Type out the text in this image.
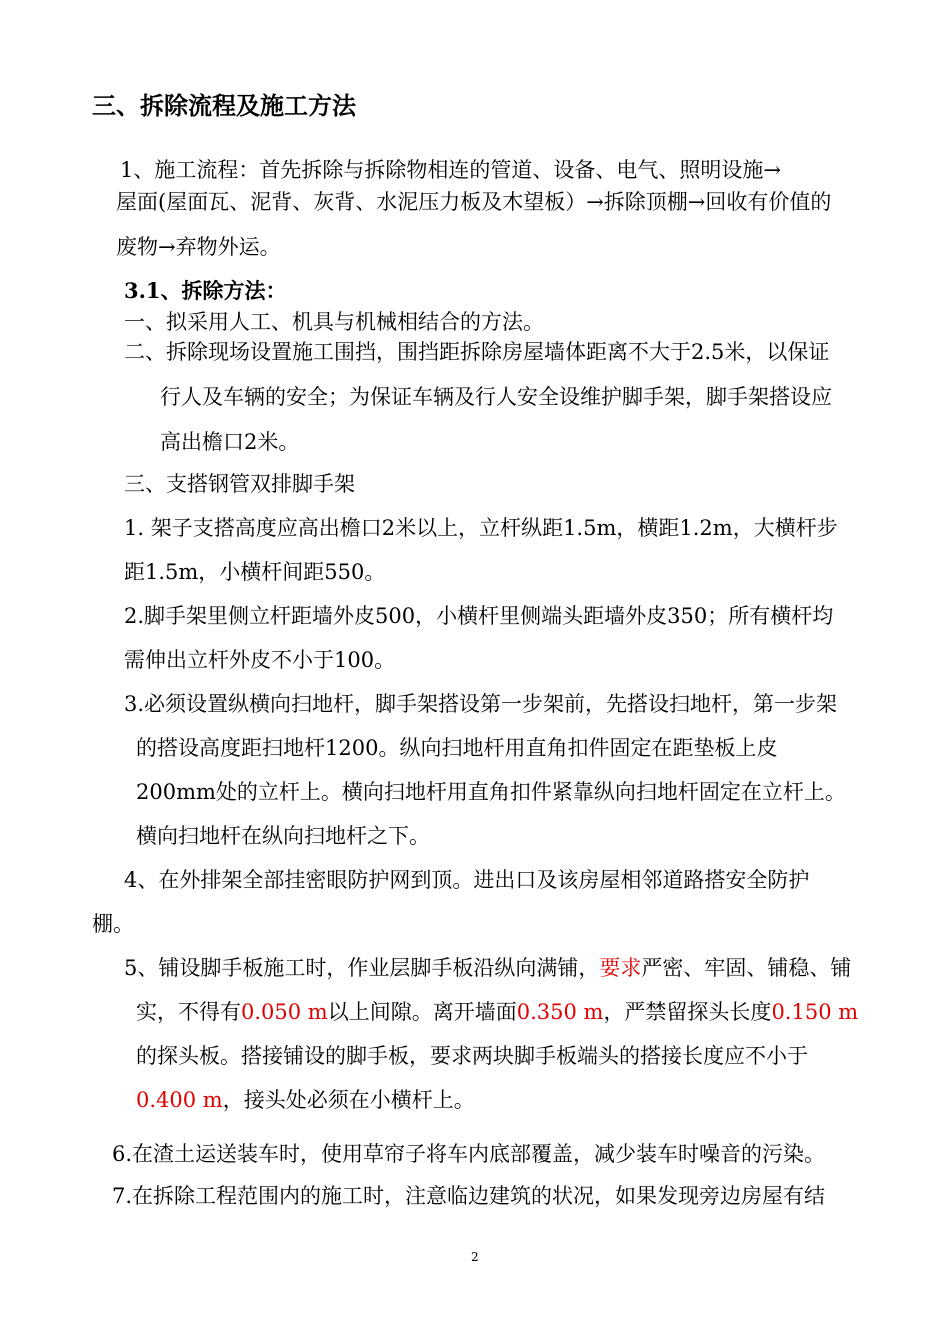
三、拆除流程及施工方法
1、施工流程：首先拆除与拆除物相连的管道、设备、电气、照明设施→
屋面(屋面瓦、泥背、灰背、水泥压力板及木望板）→拆除顶棚→回收有价值的
废物→弃物外运。
3.1、拆除方法：
一、拟采用人工、机具与机械相结合的方法。
二、拆除现场设置施工围挡，围挡距拆除房屋墙体距离不大于2.5米，以保证
行人及车辆的安全；为保证车辆及行人安全设维护脚手架，脚手架搭设应
高出檐口2米。
三、支搭钢管双排脚手架
1. 架子支搭高度应高出檐口2米以上，立杆纵距1.5m，横距1.2m，大横杆步
距1.5m，小横杆间距550。
2.脚手架里侧立杆距墙外皮500，小横杆里侧端头距墙外皮350；所有横杆均
需伸出立杆外皮不小于100。
3.必须设置纵横向扫地杆，脚手架搭设第一步架前，先搭设扫地杆，第一步架
的搭设高度距扫地杆1200。纵向扫地杆用直角扣件固定在距垫板上皮
200mm处的立杆上。横向扫地杆用直角扣件紧靠纵向扫地杆固定在立杆上。
横向扫地杆在纵向扫地杆之下。
4、在外排架全部挂密眼防护网到顶。进出口及该房屋相邻道路搭安全防护
棚。
5、铺设脚手板施工时，作业层脚手板沿纵向满铺，要求严密、牢固、铺稳、铺
实，不得有0.050 m以上间隙。离开墙面0.350 m，严禁留探头长度0.150 m
的探头板。搭接铺设的脚手板，要求两块脚手板端头的搭接长度应不小于
0.400 m，接头处必须在小横杆上。
6.在渣土运送装车时，使用草帘子将车内底部覆盖，减少装车时噪音的污染。
7.在拆除工程范围内的施工时，注意临边建筑的状况，如果发现旁边房屋有结
2
